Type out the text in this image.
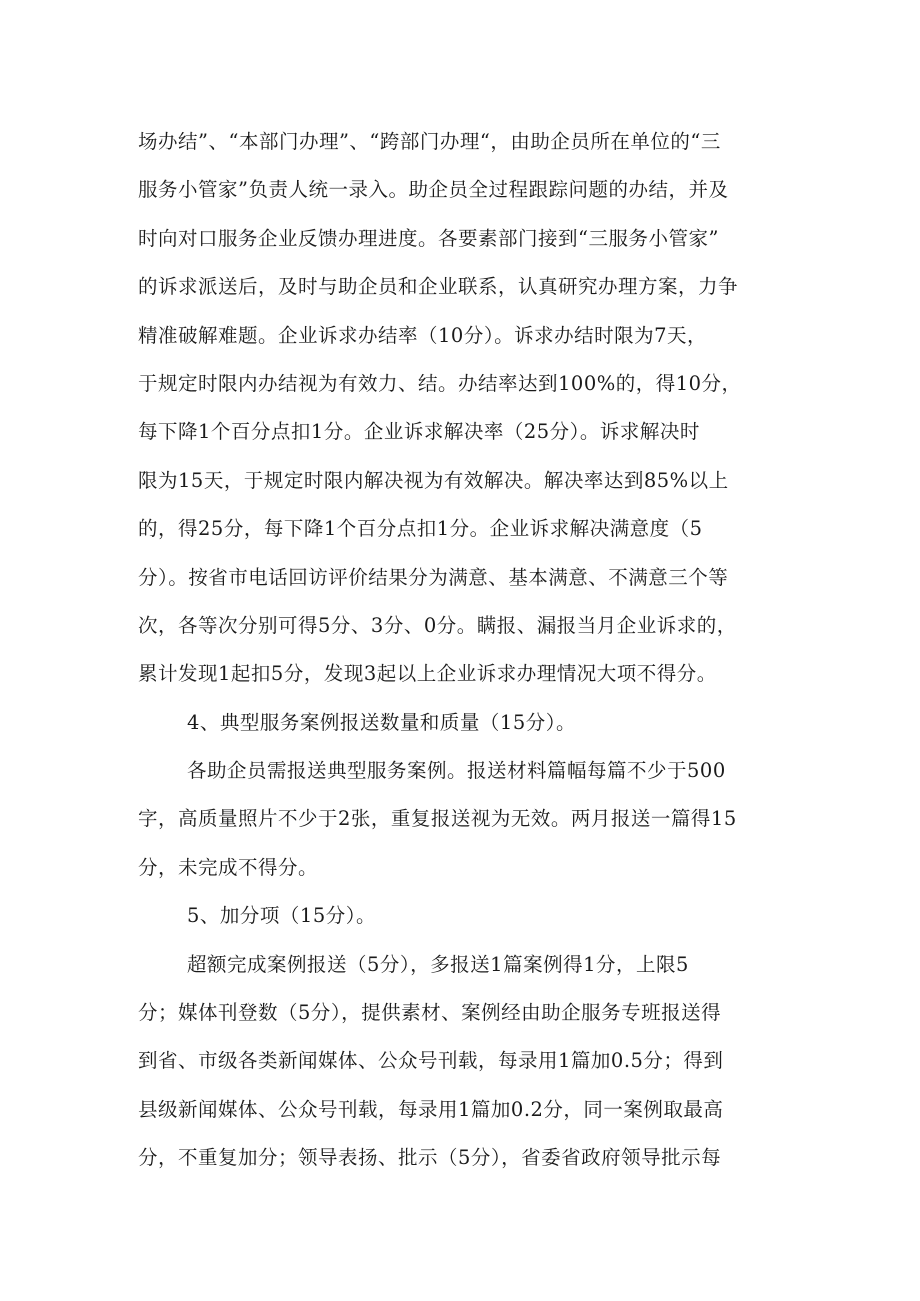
场办结”、“本部门办理”、“跨部门办理“，由助企员所在单位的“三
服务小管家”负责人统一录入。助企员全过程跟踪问题的办结，并及
时向对口服务企业反馈办理进度。各要素部门接到“三服务小管家”
的诉求派送后，及时与助企员和企业联系，认真研究办理方案，力争
精准破解难题。企业诉求办结率（10分）。诉求办结时限为7天，
于规定时限内办结视为有效力、结。办结率达到100%的，得10分，
每下降1个百分点扣1分。企业诉求解决率（25分）。诉求解决时
限为15天，于规定时限内解决视为有效解决。解决率达到85%以上
的，得25分，每下降1个百分点扣1分。企业诉求解决满意度（5
分）。按省市电话回访评价结果分为满意、基本满意、不满意三个等
次，各等次分别可得5分、3分、0分。瞒报、漏报当月企业诉求的，
累计发现1起扣5分，发现3起以上企业诉求办理情况大项不得分。
4、典型服务案例报送数量和质量（15分）。
各助企员需报送典型服务案例。报送材料篇幅每篇不少于500
字，高质量照片不少于2张，重复报送视为无效。两月报送一篇得15
分，未完成不得分。
5、加分项（15分）。
超额完成案例报送（5分），多报送1篇案例得1分，上限5
分；媒体刊登数（5分），提供素材、案例经由助企服务专班报送得
到省、市级各类新闻媒体、公众号刊载，每录用1篇加0.5分；得到
县级新闻媒体、公众号刊载，每录用1篇加0.2分，同一案例取最高
分，不重复加分；领导表扬、批示（5分），省委省政府领导批示每
